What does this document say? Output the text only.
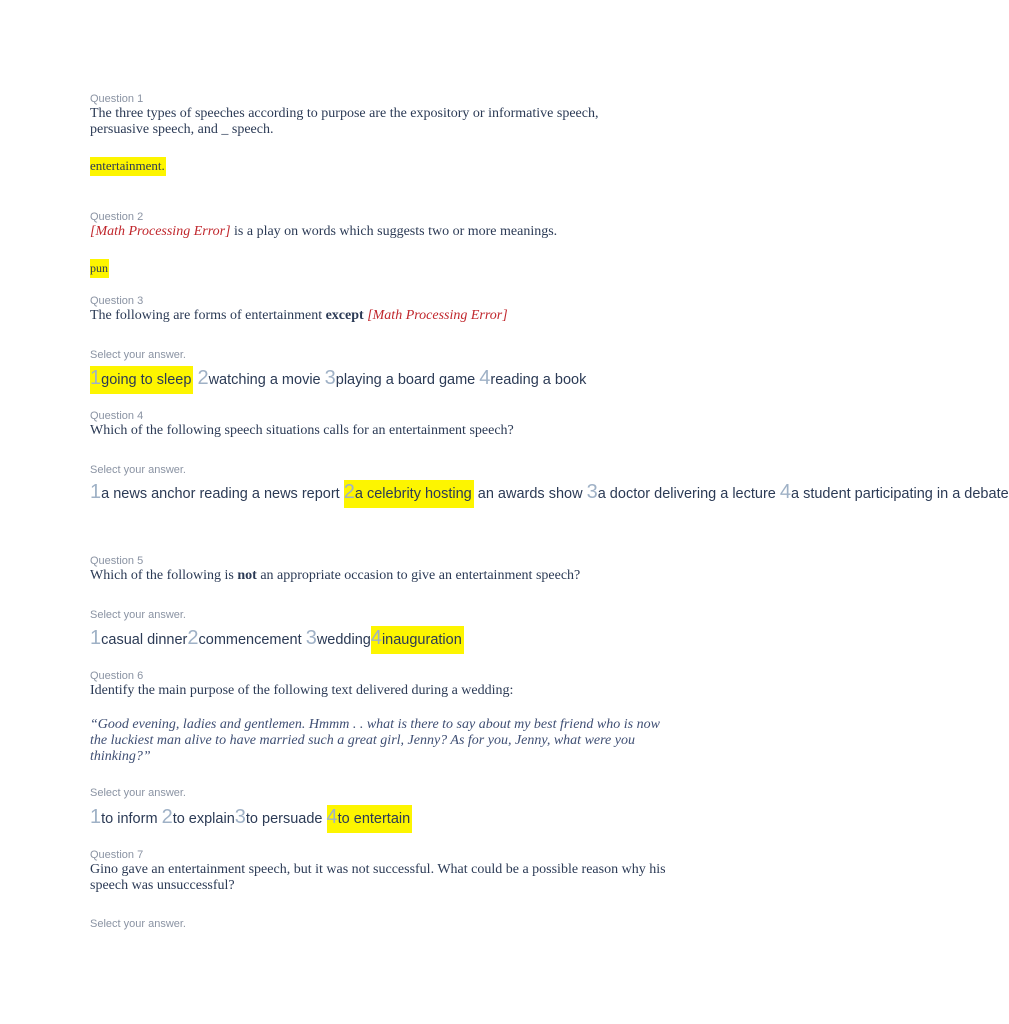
Question 1
The three types of speeches according to purpose are the expository or informative speech, persuasive speech, and _ speech.
entertainment.
Question 2
[Math Processing Error] is a play on words which suggests two or more meanings.
pun
Question 3
The following are forms of entertainment except [Math Processing Error]
Select your answer.
1going to sleep 2watching a movie 3playing a board game 4reading a book
Question 4
Which of the following speech situations calls for an entertainment speech?
Select your answer.
1a news anchor reading a news report 2a celebrity hosting an awards show 3a doctor delivering a lecture 4a student participating in a debate
Question 5
Which of the following is not an appropriate occasion to give an entertainment speech?
Select your answer.
1casual dinner2commencement 3wedding4inauguration
Question 6
Identify the main purpose of the following text delivered during a wedding:
“Good evening, ladies and gentlemen. Hmmm . . what is there to say about my best friend who is now the luckiest man alive to have married such a great girl, Jenny? As for you, Jenny, what were you thinking?”
Select your answer.
1to inform 2to explain3to persuade 4to entertain
Question 7
Gino gave an entertainment speech, but it was not successful. What could be a possible reason why his speech was unsuccessful?
Select your answer.
